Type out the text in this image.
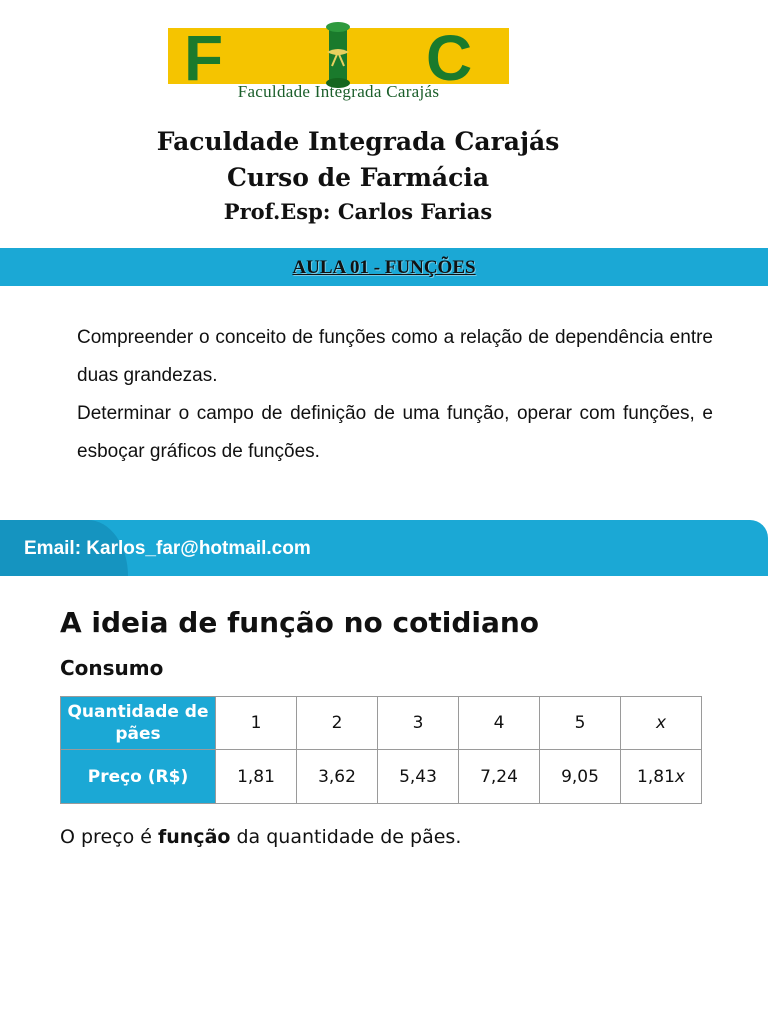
F	C
Faculdade Integrada Carajás
Faculdade Integrada Carajás
Curso de Farmácia
Prof.Esp: Carlos Farias
AULA 01 - FUNÇÕES
Compreender o conceito de funções como a relação de dependência entre duas grandezas.
Determinar o campo de definição de uma função, operar com funções, e esboçar gráficos de funções.
Email: Karlos_far@hotmail.com
A ideia de função no cotidiano
Consumo
Quantidade de pães	1	2	3	4	5	x
Preço (R$)	1,81	3,62	5,43	7,24	9,05	1,81x
O preço é função da quantidade de pães.
